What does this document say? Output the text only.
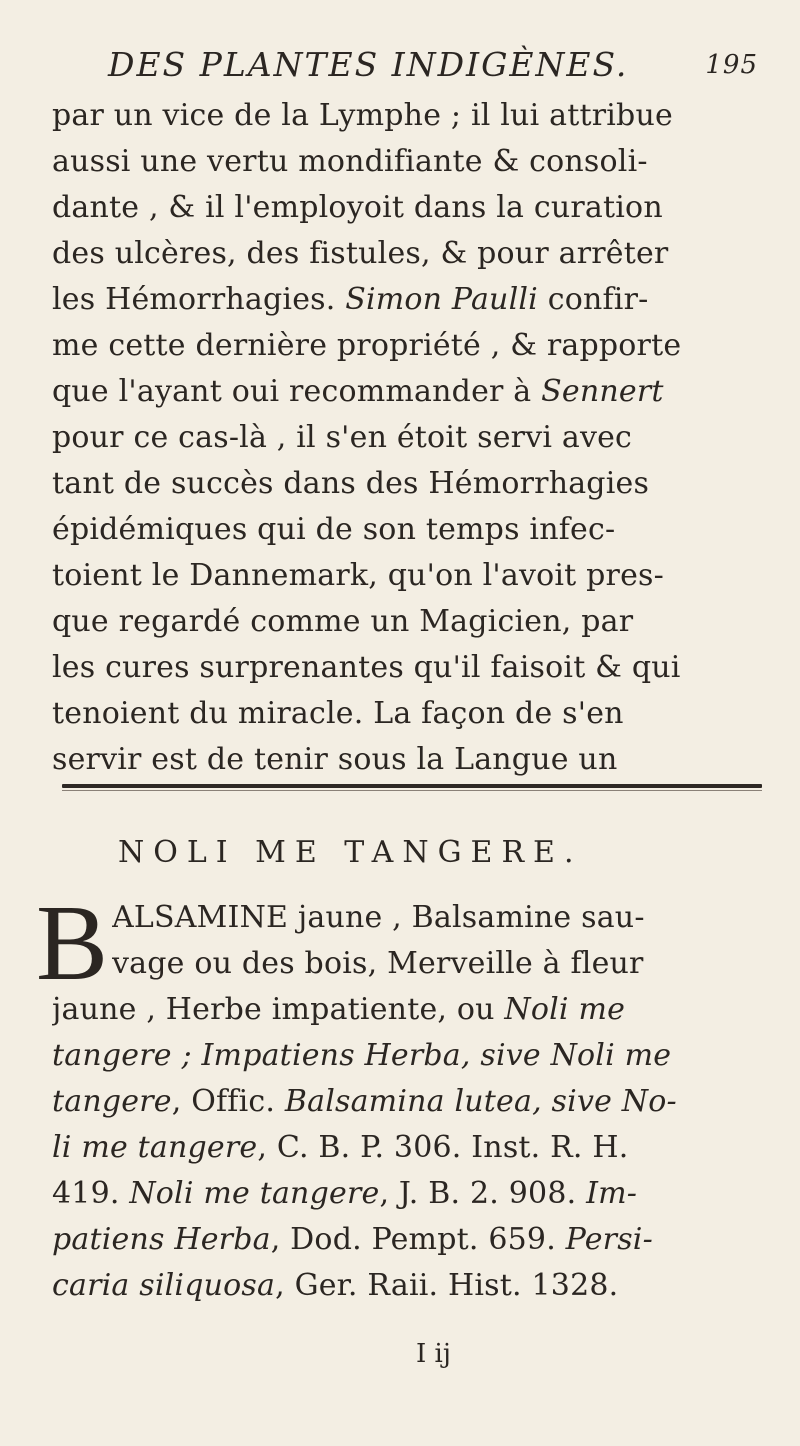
DES PLANTES INDIGÈNES.	195
par un vice de la Lymphe ; il lui attribue
aussi une vertu mondifiante & consoli-
dante , & il l'employoit dans la curation
des ulcères, des fistules, & pour arrêter
les Hémorrhagies. Simon Paulli confir-
me cette dernière propriété , & rapporte
que l'ayant oui recommander à Sennert
pour ce cas-là , il s'en étoit servi avec
tant de succès dans des Hémorrhagies
épidémiques qui de son temps infec-
toient le Dannemark, qu'on l'avoit pres-
que regardé comme un Magicien, par
les cures surprenantes qu'il faisoit & qui
tenoient du miracle. La façon de s'en
servir est de tenir sous la Langue un
NOLI ME TANGERE.
B ALSAMINE jaune , Balsamine sau-
vage ou des bois, Merveille à fleur
jaune , Herbe impatiente, ou Noli me
tangere ; Impatiens Herba, sive Noli me
tangere, Offic. Balsamina lutea, sive No-
li me tangere, C. B. P. 306. Inst. R. H.
419. Noli me tangere, J. B. 2. 908. Im-
patiens Herba, Dod. Pempt. 659. Persi-
caria siliquosa, Ger. Raii. Hist. 1328.
I ij
